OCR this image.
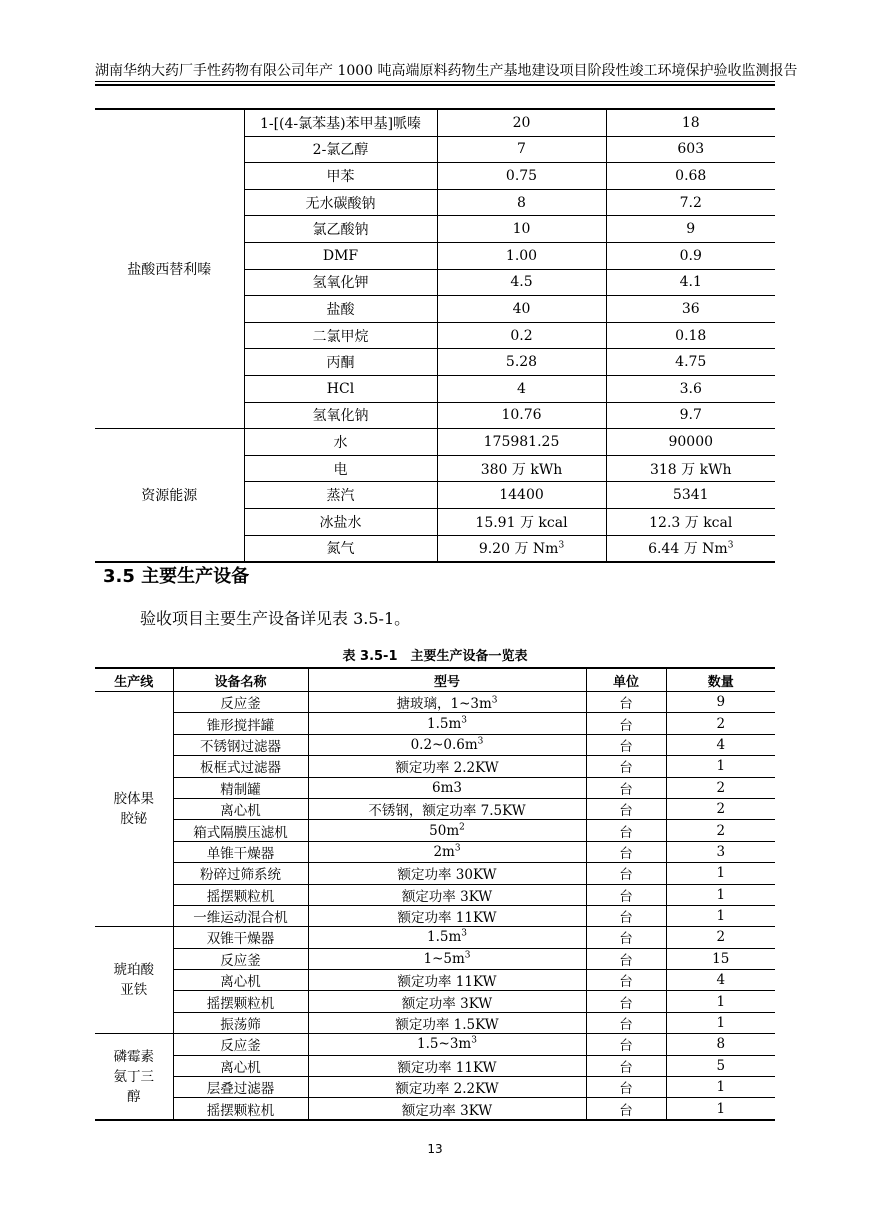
湖南华纳大药厂手性药物有限公司年产 1000 吨高端原料药物生产基地建设项目阶段性竣工环境保护验收监测报告
盐酸西替利嗪	1-[(4-氯苯基)苯甲基]哌嗪	20	18
	2-氯乙醇	7	603
	甲苯	0.75	0.68
	无水碳酸钠	8	7.2
	氯乙酸钠	10	9
	DMF	1.00	0.9
	氢氧化钾	4.5	4.1
	盐酸	40	36
	二氯甲烷	0.2	0.18
	丙酮	5.28	4.75
	HCl	4	3.6
	氢氧化钠	10.76	9.7
资源能源	水	175981.25	90000
	电	380 万 kWh	318 万 kWh
	蒸汽	14400	5341
	冰盐水	15.91 万 kcal	12.3 万 kcal
	氮气	9.20 万 Nm$^3$	6.44 万 Nm$^3$
3.5 主要生产设备
验收项目主要生产设备详见表 3.5-1。
表 3.5-1　主要生产设备一览表
生产线	设备名称	型号	单位	数量

胶体果
胶铋	反应釜	搪玻璃，$1\sim 3m^3$	台	9
	锥形搅拌罐	$1.5m^3$	台	2
	不锈钢过滤器	$0.2\sim 0.6m^3$	台	4
	板框式过滤器	额定功率 2.2KW	台	1
	精制罐	6m3	台	2
	离心机	不锈钢，额定功率 7.5KW	台	2
	箱式隔膜压滤机	$50m^2$	台	2
	单锥干燥器	$2m^3$	台	3
	粉碎过筛系统	额定功率 30KW	台	1
	摇摆颗粒机	额定功率 3KW	台	1
	一维运动混合机	额定功率 11KW	台	1

琥珀酸
亚铁	双锥干燥器	$1.5m^3$	台	2
	反应釜	$1\sim 5m^3$	台	15
	离心机	额定功率 11KW	台	4
	摇摆颗粒机	额定功率 3KW	台	1
	振荡筛	额定功率 1.5KW	台	1

磷霉素
氨丁三
醇	反应釜	$1.5\sim 3m^3$	台	8
	离心机	额定功率 11KW	台	5
	层叠过滤器	额定功率 2.2KW	台	1
	摇摆颗粒机	额定功率 3KW	台	1
13
